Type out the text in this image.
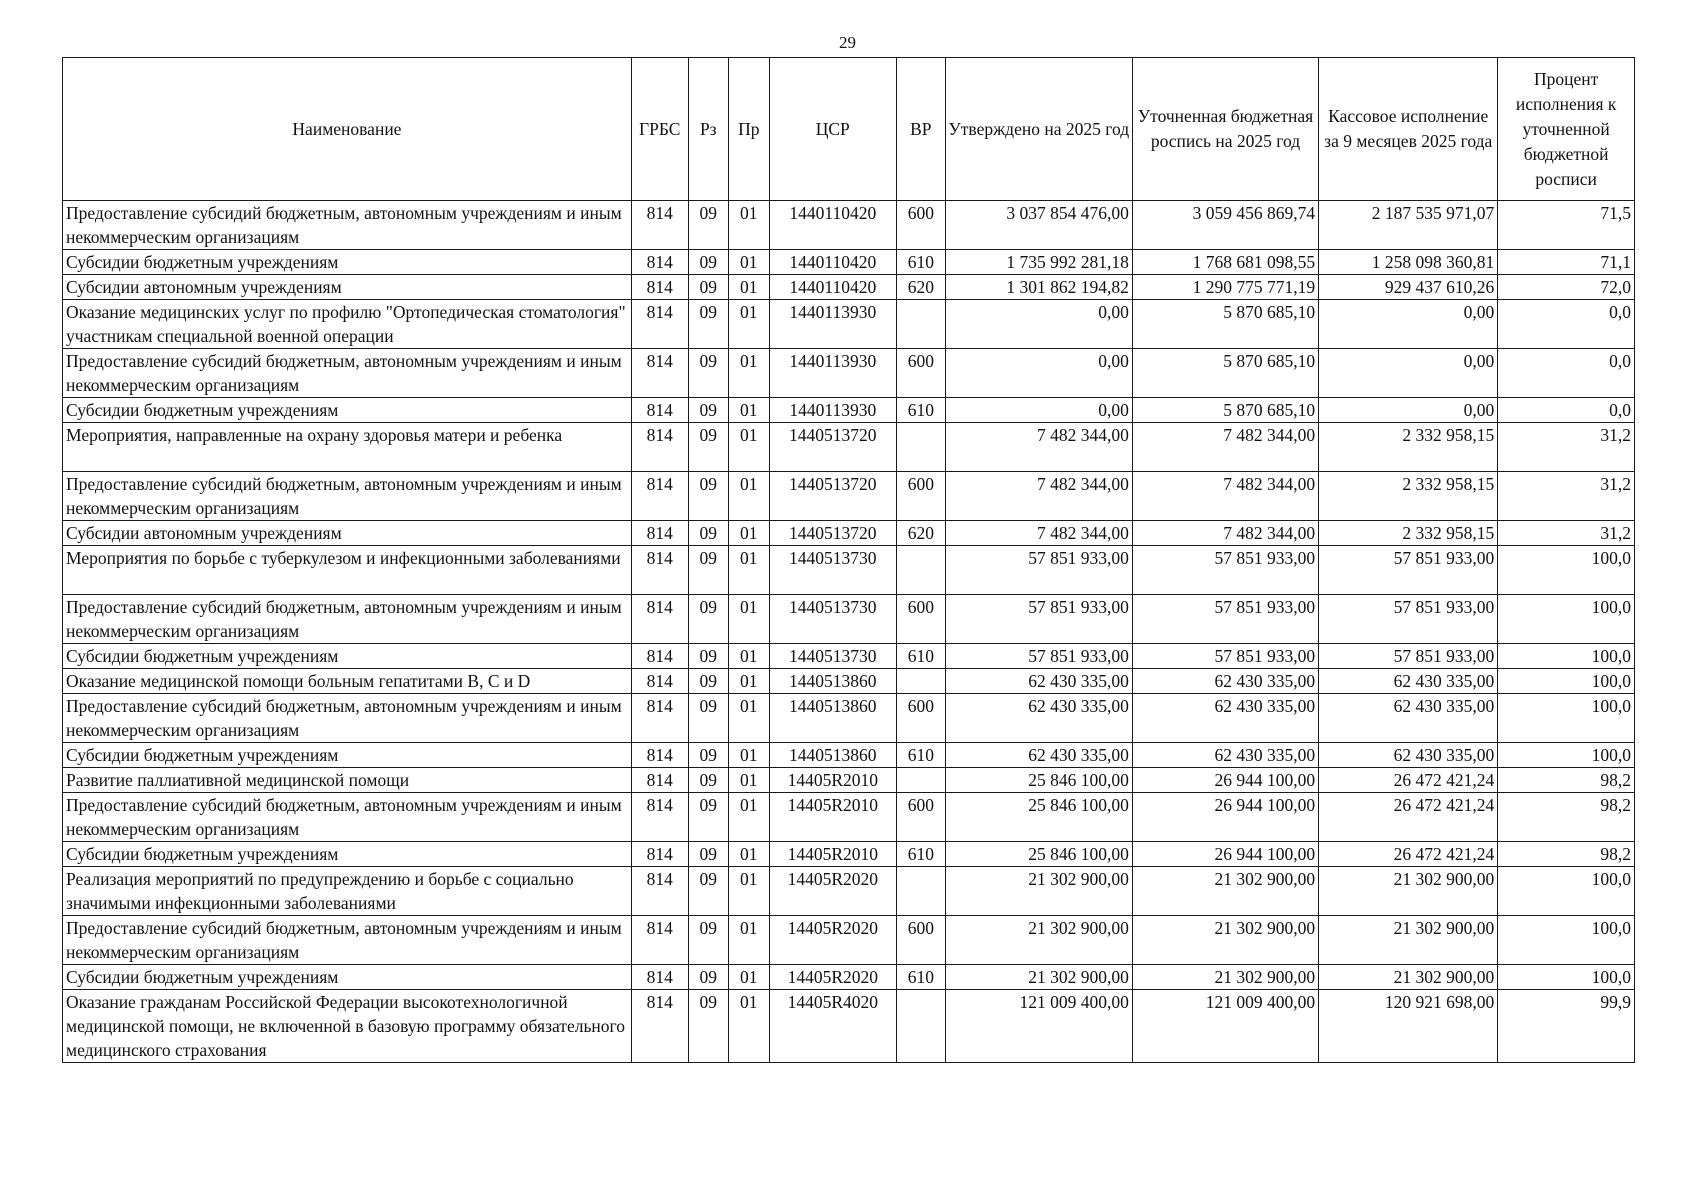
29
Наименование	ГРБС	Рз	Пр	ЦСР	ВР	Утверждено на 2025 год	Уточненная бюджетная роспись на 2025 год	Кассовое исполнение за 9 месяцев 2025 года	Процент исполнения к уточненной бюджетной росписи
Предоставление субсидий бюджетным, автономным учреждениям и иным некоммерческим организациям	814	09	01	1440110420	600	3 037 854 476,00	3 059 456 869,74	2 187 535 971,07	71,5
Субсидии бюджетным учреждениям	814	09	01	1440110420	610	1 735 992 281,18	1 768 681 098,55	1 258 098 360,81	71,1
Субсидии автономным учреждениям	814	09	01	1440110420	620	1 301 862 194,82	1 290 775 771,19	929 437 610,26	72,0
Оказание медицинских услуг по профилю "Ортопедическая стоматология" участникам специальной военной операции	814	09	01	1440113930		0,00	5 870 685,10	0,00	0,0
Предоставление субсидий бюджетным, автономным учреждениям и иным некоммерческим организациям	814	09	01	1440113930	600	0,00	5 870 685,10	0,00	0,0
Субсидии бюджетным учреждениям	814	09	01	1440113930	610	0,00	5 870 685,10	0,00	0,0
Мероприятия, направленные на охрану здоровья матери и ребенка	814	09	01	1440513720		7 482 344,00	7 482 344,00	2 332 958,15	31,2
Предоставление субсидий бюджетным, автономным учреждениям и иным некоммерческим организациям	814	09	01	1440513720	600	7 482 344,00	7 482 344,00	2 332 958,15	31,2
Субсидии автономным учреждениям	814	09	01	1440513720	620	7 482 344,00	7 482 344,00	2 332 958,15	31,2
Мероприятия по борьбе с туберкулезом и инфекционными заболеваниями	814	09	01	1440513730		57 851 933,00	57 851 933,00	57 851 933,00	100,0
Предоставление субсидий бюджетным, автономным учреждениям и иным некоммерческим организациям	814	09	01	1440513730	600	57 851 933,00	57 851 933,00	57 851 933,00	100,0
Субсидии бюджетным учреждениям	814	09	01	1440513730	610	57 851 933,00	57 851 933,00	57 851 933,00	100,0
Оказание медицинской помощи больным гепатитами В, С и D	814	09	01	1440513860		62 430 335,00	62 430 335,00	62 430 335,00	100,0
Предоставление субсидий бюджетным, автономным учреждениям и иным некоммерческим организациям	814	09	01	1440513860	600	62 430 335,00	62 430 335,00	62 430 335,00	100,0
Субсидии бюджетным учреждениям	814	09	01	1440513860	610	62 430 335,00	62 430 335,00	62 430 335,00	100,0
Развитие паллиативной медицинской помощи	814	09	01	14405R2010		25 846 100,00	26 944 100,00	26 472 421,24	98,2
Предоставление субсидий бюджетным, автономным учреждениям и иным некоммерческим организациям	814	09	01	14405R2010	600	25 846 100,00	26 944 100,00	26 472 421,24	98,2
Субсидии бюджетным учреждениям	814	09	01	14405R2010	610	25 846 100,00	26 944 100,00	26 472 421,24	98,2
Реализация мероприятий по предупреждению и борьбе с социально значимыми инфекционными заболеваниями	814	09	01	14405R2020		21 302 900,00	21 302 900,00	21 302 900,00	100,0
Предоставление субсидий бюджетным, автономным учреждениям и иным некоммерческим организациям	814	09	01	14405R2020	600	21 302 900,00	21 302 900,00	21 302 900,00	100,0
Субсидии бюджетным учреждениям	814	09	01	14405R2020	610	21 302 900,00	21 302 900,00	21 302 900,00	100,0
Оказание гражданам Российской Федерации высокотехнологичной медицинской помощи, не включенной в базовую программу обязательного медицинского страхования	814	09	01	14405R4020		121 009 400,00	121 009 400,00	120 921 698,00	99,9
